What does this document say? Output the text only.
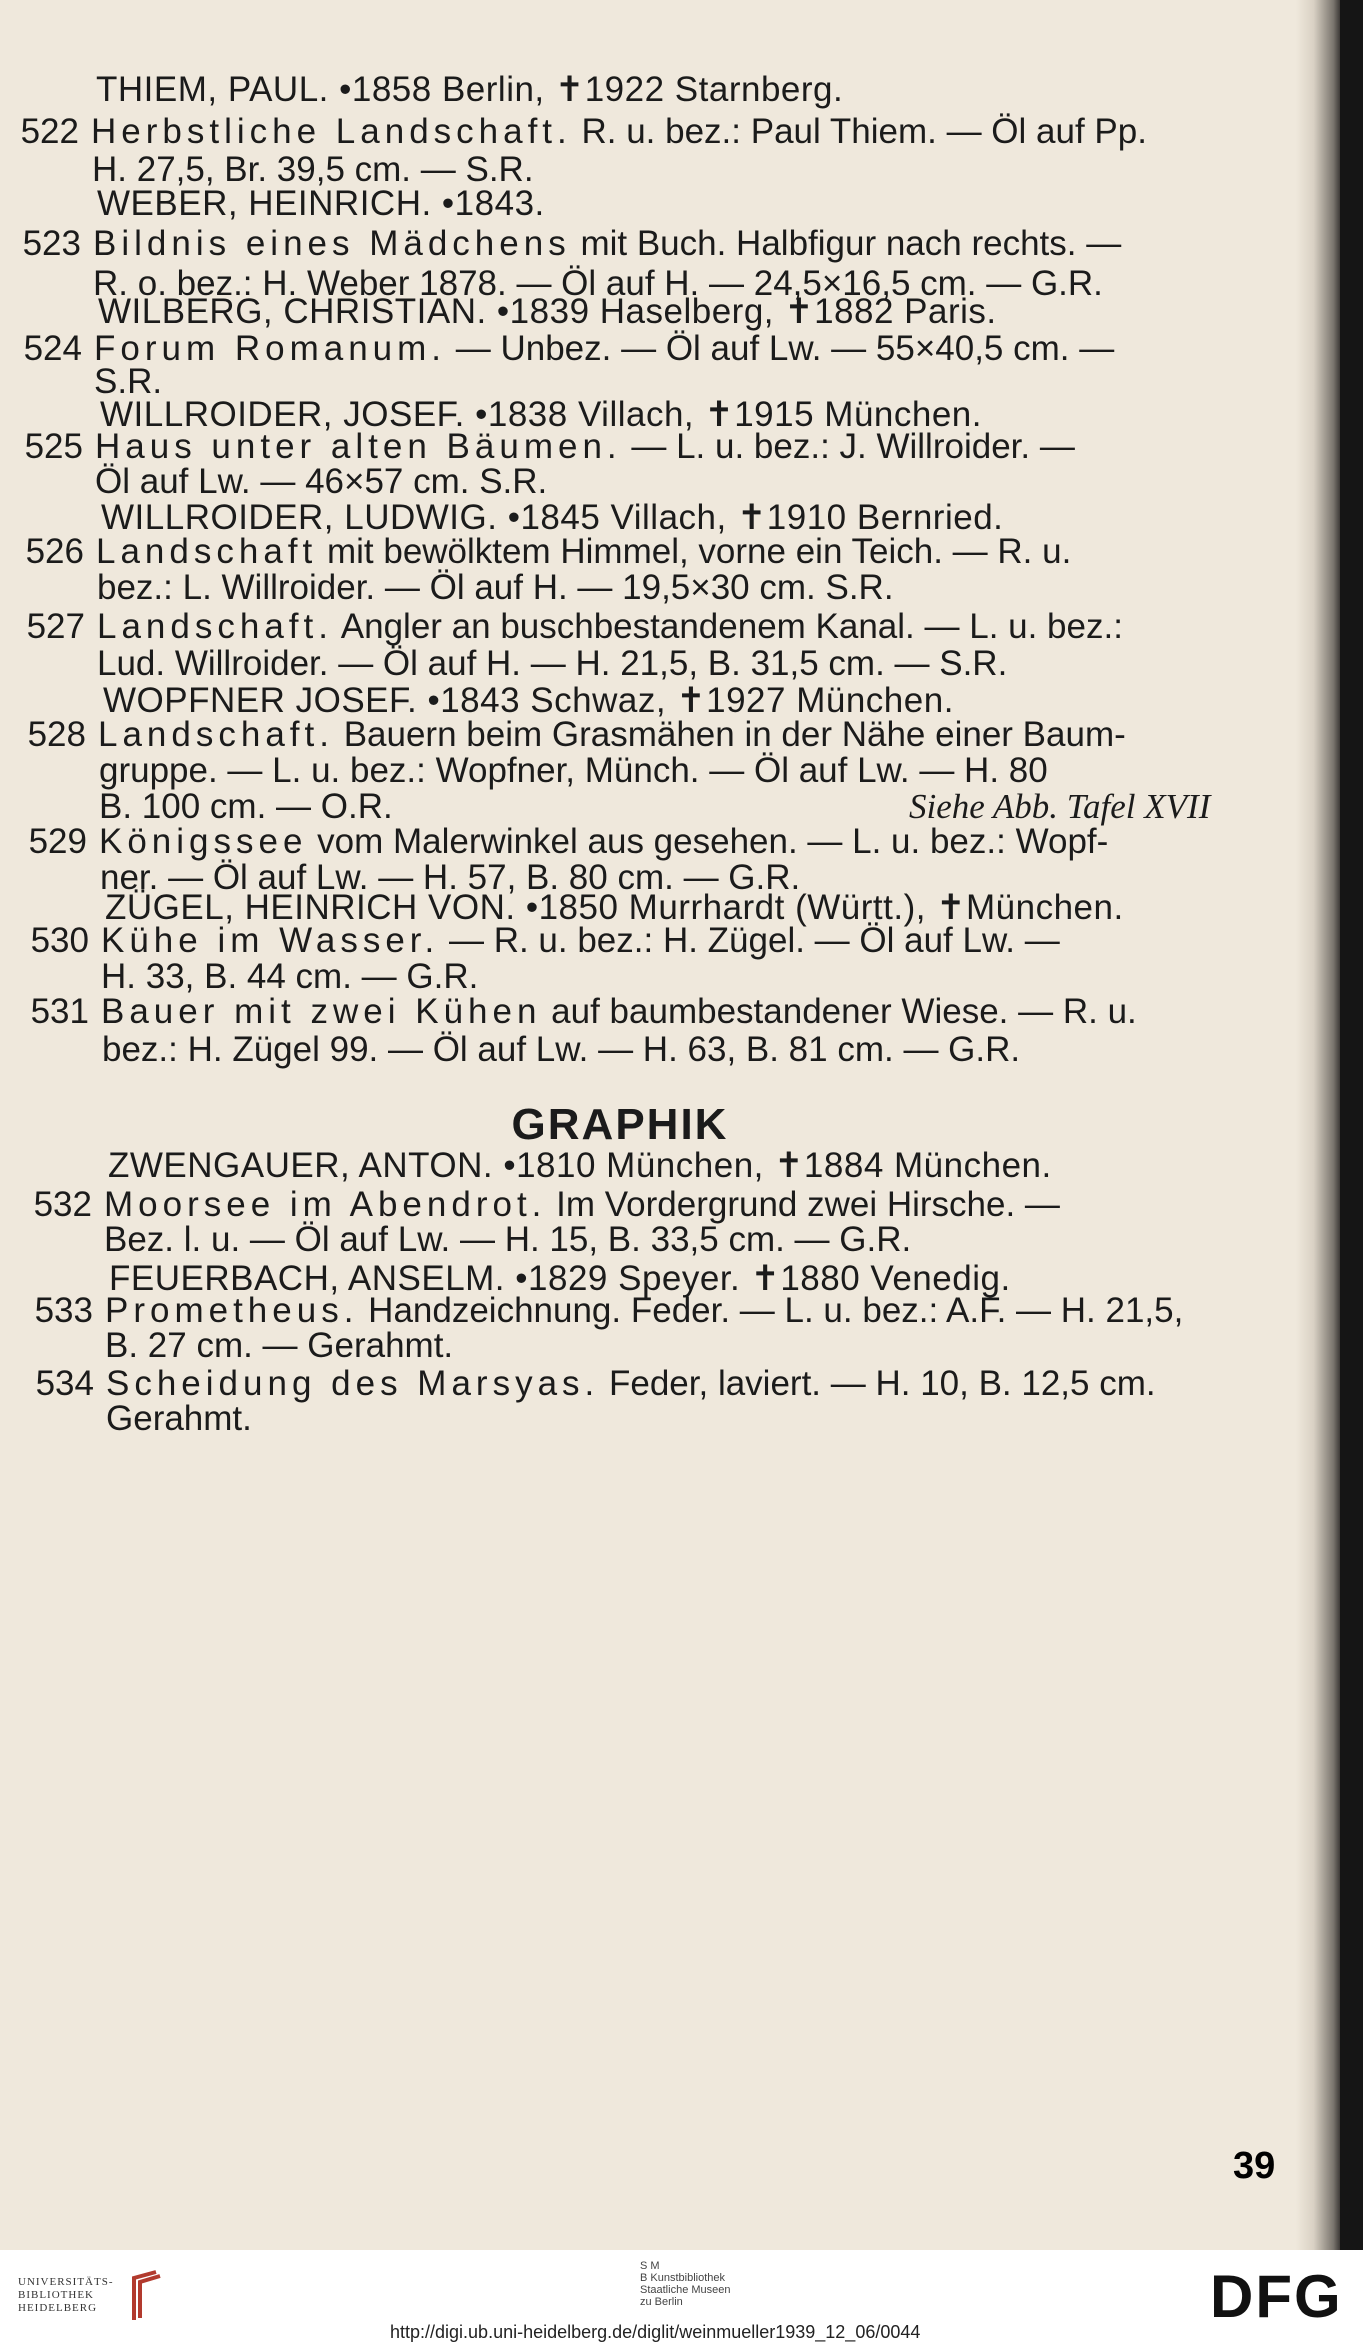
THIEM, PAUL. •1858 Berlin, ✝1922 Starnberg.
522 Herbstliche Landschaft. R. u. bez.: Paul Thiem. — Öl auf Pp.
H. 27,5, Br. 39,5 cm. — S.R.
WEBER, HEINRICH. •1843.
523 Bildnis eines Mädchens mit Buch. Halbfigur nach rechts. —
R. o. bez.: H. Weber 1878. — Öl auf H. — 24,5×16,5 cm. — G.R.
WILBERG, CHRISTIAN. •1839 Haselberg, ✝1882 Paris.
524 Forum Romanum. — Unbez. — Öl auf Lw. — 55×40,5 cm. —
S.R.
WILLROIDER, JOSEF. •1838 Villach, ✝1915 München.
525 Haus unter alten Bäumen. — L. u. bez.: J. Willroider. —
Öl auf Lw. — 46×57 cm. S.R.
WILLROIDER, LUDWIG. •1845 Villach, ✝1910 Bernried.
526 Landschaft mit bewölktem Himmel, vorne ein Teich. — R. u.
bez.: L. Willroider. — Öl auf H. — 19,5×30 cm. S.R.
527 Landschaft. Angler an buschbestandenem Kanal. — L. u. bez.:
Lud. Willroider. — Öl auf H. — H. 21,5, B. 31,5 cm. — S.R.
WOPFNER JOSEF. •1843 Schwaz, ✝1927 München.
528 Landschaft. Bauern beim Grasmähen in der Nähe einer Baum-
gruppe. — L. u. bez.: Wopfner, Münch. — Öl auf Lw. — H. 80
B. 100 cm. — O.R.	Siehe Abb. Tafel XVII
529 Königssee vom Malerwinkel aus gesehen. — L. u. bez.: Wopf-
ner. — Öl auf Lw. — H. 57, B. 80 cm. — G.R.
ZÜGEL, HEINRICH VON. •1850 Murrhardt (Württ.), ✝München.
530 Kühe im Wasser. — R. u. bez.: H. Zügel. — Öl auf Lw. —
H. 33, B. 44 cm. — G.R.
531 Bauer mit zwei Kühen auf baumbestandener Wiese. — R. u.
bez.: H. Zügel 99. — Öl auf Lw. — H. 63, B. 81 cm. — G.R.
GRAPHIK
ZWENGAUER, ANTON. •1810 München, ✝1884 München.
532 Moorsee im Abendrot. Im Vordergrund zwei Hirsche. —
Bez. l. u. — Öl auf Lw. — H. 15, B. 33,5 cm. — G.R.
FEUERBACH, ANSELM. •1829 Speyer. ✝1880 Venedig.
533 Prometheus. Handzeichnung. Feder. — L. u. bez.: A.F. — H. 21,5,
B. 27 cm. — Gerahmt.
534 Scheidung des Marsyas. Feder, laviert. — H. 10, B. 12,5 cm.
Gerahmt.
39
UNIVERSITÄTS-
BIBLIOTHEK
HEIDELBERG
S M
B Kunstbibliothek
Staatliche Museen
zu Berlin	DFG
http://digi.ub.uni-heidelberg.de/diglit/weinmueller1939_12_06/0044
